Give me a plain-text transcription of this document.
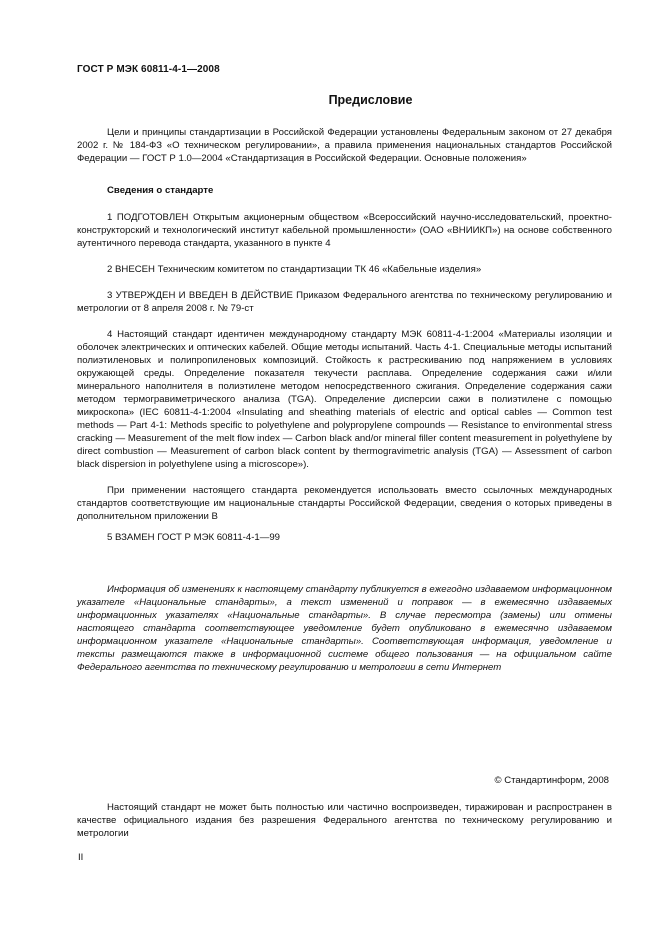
ГОСТ Р МЭК 60811-4-1—2008
Предисловие
Цели и принципы стандартизации в Российской Федерации установлены Федеральным законом от 27 декабря 2002 г. № 184-ФЗ «О техническом регулировании», а правила применения национальных стандартов Российской Федерации — ГОСТ Р 1.0—2004 «Стандартизация в Российской Федерации. Основные положения»
Сведения о стандарте
1 ПОДГОТОВЛЕН Открытым акционерным обществом «Всероссийский научно-исследовательский, проектно-конструкторский и технологический институт кабельной промышленности» (ОАО «ВНИИКП») на основе собственного аутентичного перевода стандарта, указанного в пункте 4
2 ВНЕСЕН Техническим комитетом по стандартизации ТК 46 «Кабельные изделия»
3 УТВЕРЖДЕН И ВВЕДЕН В ДЕЙСТВИЕ Приказом Федерального агентства по техническому регулированию и метрологии от 8 апреля 2008 г. № 79-ст
4 Настоящий стандарт идентичен международному стандарту МЭК 60811-4-1:2004 «Материалы изоляции и оболочек электрических и оптических кабелей. Общие методы испытаний. Часть 4-1. Специальные методы испытаний полиэтиленовых и полипропиленовых композиций. Стойкость к растрескиванию под напряжением в условиях окружающей среды. Определение показателя текучести расплава. Определение содержания сажи и/или минерального наполнителя в полиэтилене методом непосредственного сжигания. Определение содержания сажи методом термогравиметрического анализа (TGA). Определение дисперсии сажи в полиэтилене с помощью микроскопа» (IEC 60811-4-1:2004 «Insulating and sheathing materials of electric and optical cables — Common test methods — Part 4-1: Methods specific to polyethylene and polypropylene compounds — Resistance to environmental stress cracking — Measurement of the melt flow index — Carbon black and/or mineral filler content measurement in polyethylene by direct combustion — Measurement of carbon black content by thermogravimetric analysis (TGA) — Assessment of carbon black dispersion in polyethylene using a microscope»).
При применении настоящего стандарта рекомендуется использовать вместо ссылочных международных стандартов соответствующие им национальные стандарты Российской Федерации, сведения о которых приведены в дополнительном приложении В
5 ВЗАМЕН ГОСТ Р МЭК 60811-4-1—99
Информация об изменениях к настоящему стандарту публикуется в ежегодно издаваемом информационном указателе «Национальные стандарты», а текст изменений и поправок — в ежемесячно издаваемых информационных указателях «Национальные стандарты». В случае пересмотра (замены) или отмены настоящего стандарта соответствующее уведомление будет опубликовано в ежемесячно издаваемом информационном указателе «Национальные стандарты». Соответствующая информация, уведомление и тексты размещаются также в информационной системе общего пользования — на официальном сайте Федерального агентства по техническому регулированию и метрологии в сети Интернет
© Стандартинформ, 2008
Настоящий стандарт не может быть полностью или частично воспроизведен, тиражирован и распространен в качестве официального издания без разрешения Федерального агентства по техническому регулированию и метрологии
II
